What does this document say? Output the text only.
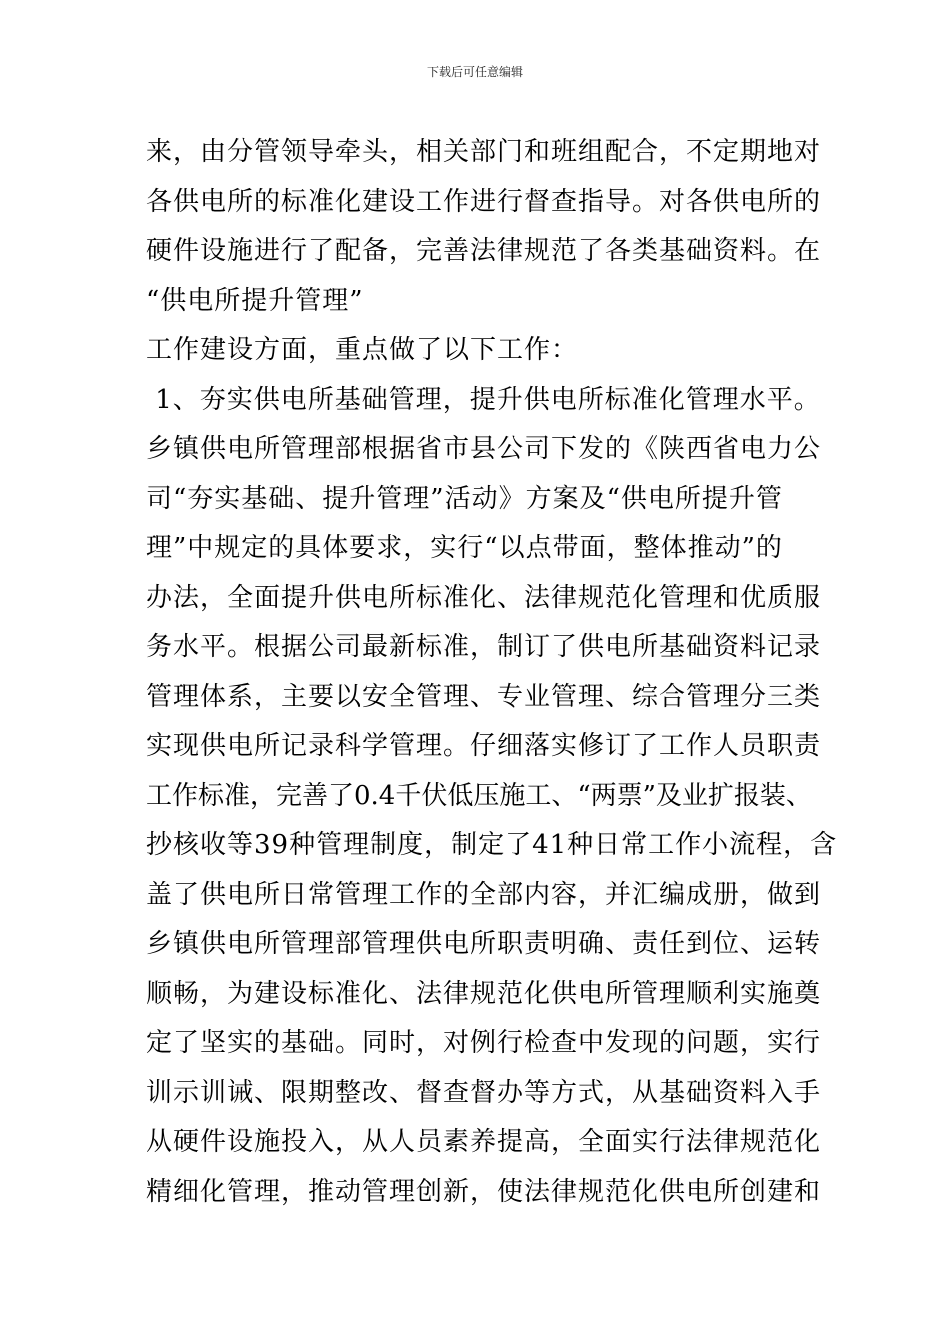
下载后可任意编辑
来，由分管领导牵头，相关部门和班组配合，不定期地对
各供电所的标准化建设工作进行督查指导。对各供电所的
硬件设施进行了配备，完善法律规范了各类基础资料。在
“供电所提升管理”
工作建设方面，重点做了以下工作：
1、夯实供电所基础管理，提升供电所标准化管理水平。
乡镇供电所管理部根据省市县公司下发的《陕西省电力公
司“夯实基础、提升管理”活动》方案及“供电所提升管
理”中规定的具体要求，实行“以点带面，整体推动”的
办法，全面提升供电所标准化、法律规范化管理和优质服
务水平。根据公司最新标准，制订了供电所基础资料记录
管理体系，主要以安全管理、专业管理、综合管理分三类
实现供电所记录科学管理。仔细落实修订了工作人员职责
工作标准，完善了0.4千伏低压施工、“两票”及业扩报装、
抄核收等39种管理制度，制定了41种日常工作小流程，含
盖了供电所日常管理工作的全部内容，并汇编成册，做到
乡镇供电所管理部管理供电所职责明确、责任到位、运转
顺畅，为建设标准化、法律规范化供电所管理顺利实施奠
定了坚实的基础。同时，对例行检查中发现的问题，实行
训示训诫、限期整改、督查督办等方式，从基础资料入手
从硬件设施投入，从人员素养提高，全面实行法律规范化
精细化管理，推动管理创新，使法律规范化供电所创建和
